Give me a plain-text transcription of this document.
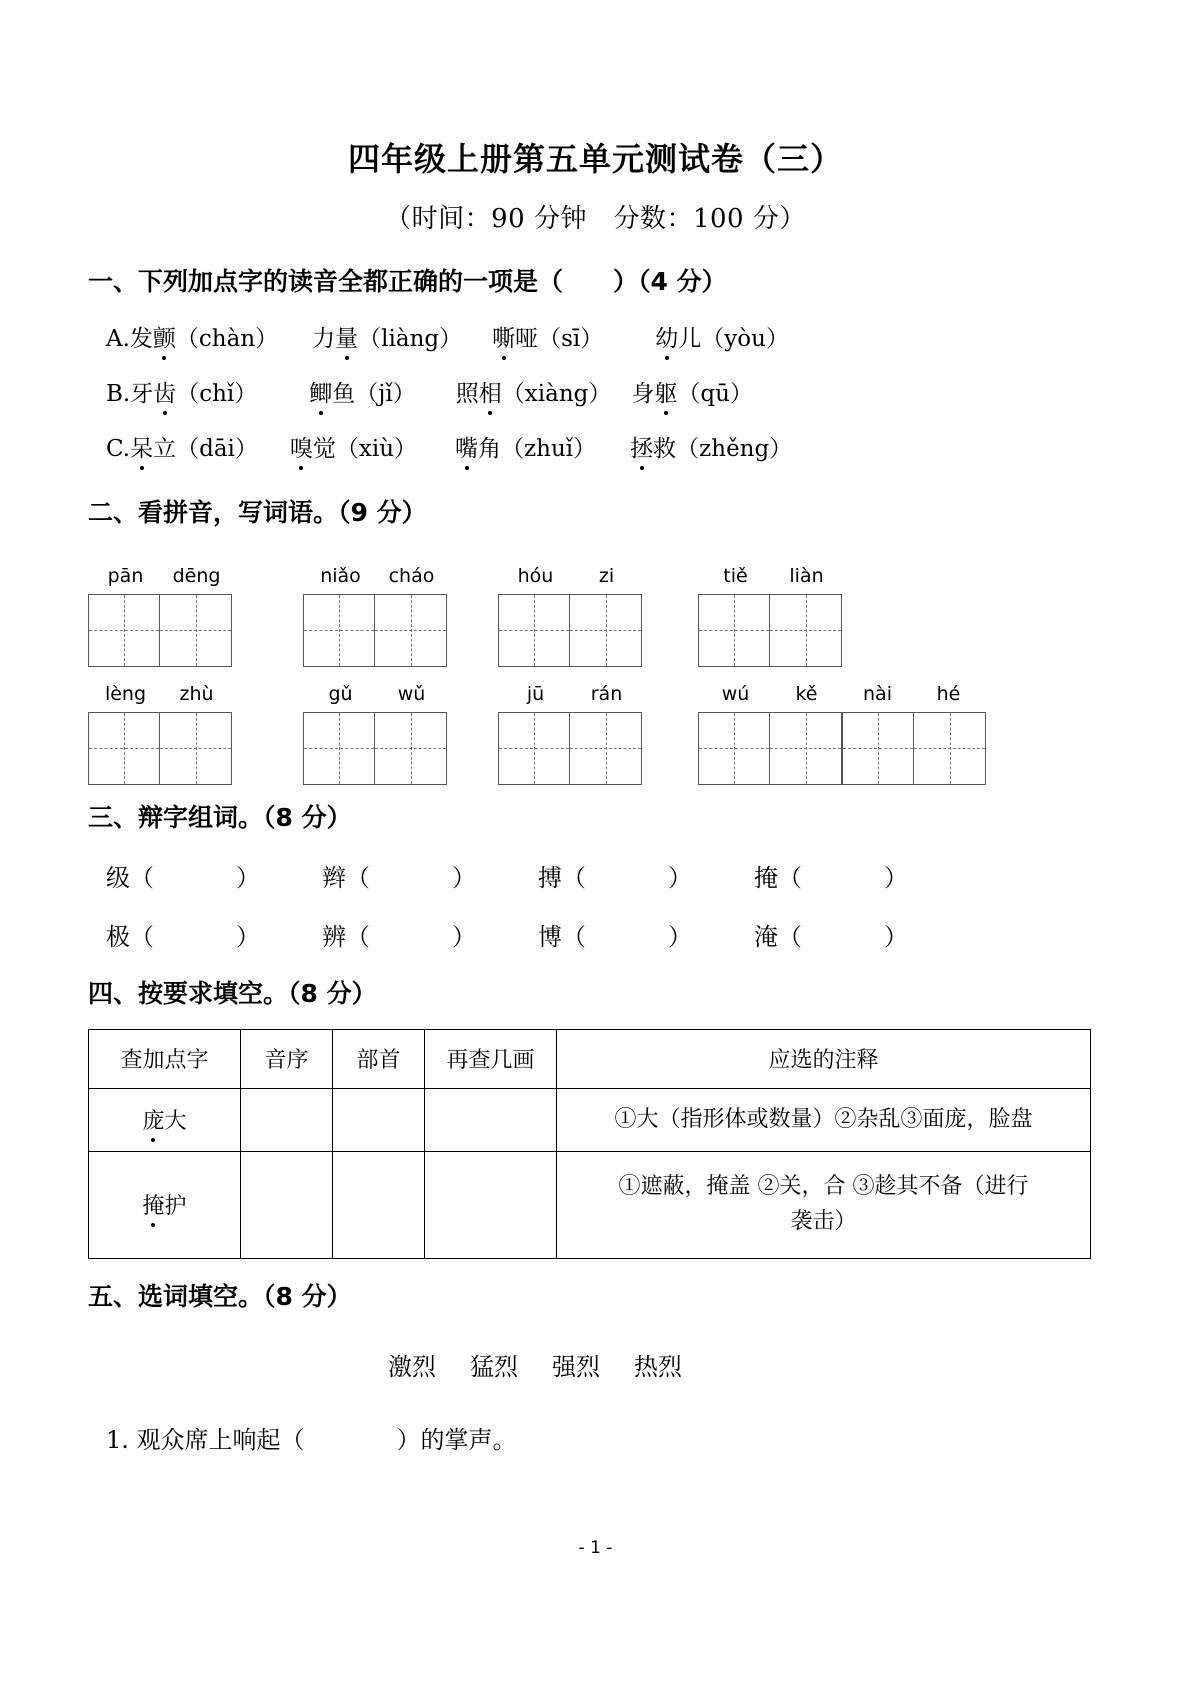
四年级上册第五单元测试卷（三）
（时间：90 分钟　分数：100 分）
一、下列加点字的读音全都正确的一项是（　　）（4 分）
A.发颤（chàn） 力量（liàng） 嘶哑（sī） 幼儿（yòu）
B.牙齿（chǐ） 鲫鱼（jǐ） 照相（xiàng） 身躯（qū）
C.呆立（dāi） 嗅觉（xiù） 嘴角（zhuǐ） 拯救（zhěng）
二、看拼音，写词语。（9 分）
pān	dēng	niǎo	cháo	hóu	zi	tiě	liàn
lèng	zhù	gǔ	wǔ	jū	rán	wú	kě	nài	hé
三、辩字组词。（8 分）
级（	）	辫（	）	搏（	）	掩（	）
极（	）	辨（	）	博（	）	淹（	）
四、按要求填空。（8 分）
查加点字	音序	部首	再查几画	应选的注释
庞大				①大（指形体或数量）②杂乱③面庞，脸盘

掩护				①遮蔽，掩盖 ②关，合 ③趁其不备（进行
袭击）
五、选词填空。（8 分）
激烈 猛烈 强烈 热烈
1. 观众席上响起（	）的掌声。
- 1 -
